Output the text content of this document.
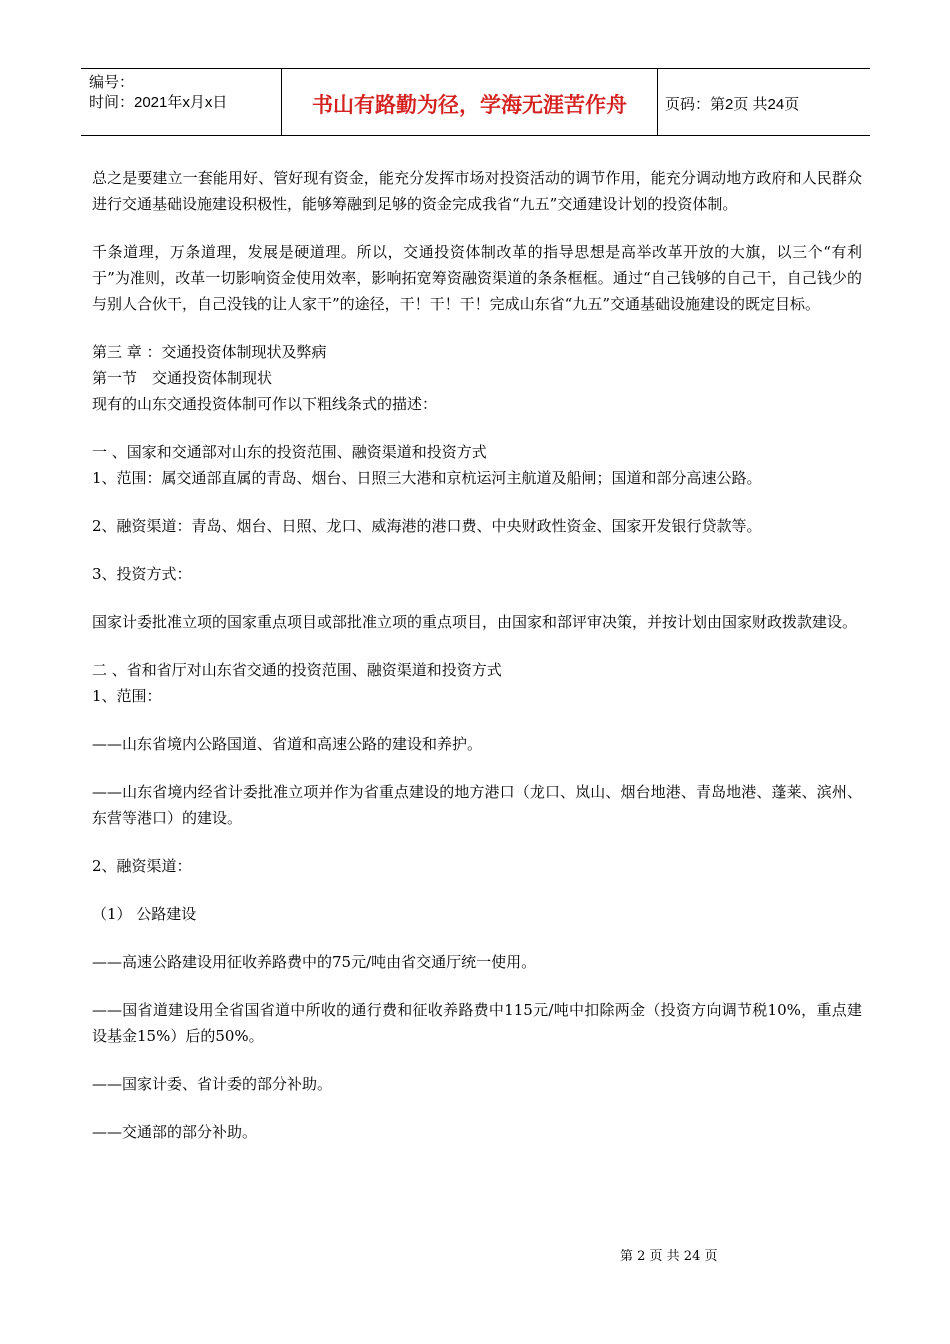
编号：
时间：2021年x月x日	书山有路勤为径，学海无涯苦作舟	页码：第2页 共24页

总之是要建立一套能用好、管好现有资金，能充分发挥市场对投资活动的调节作用，能充分调动地方政府和人民群众进行交通基础设施建设积极性，能够筹融到足够的资金完成我省“九五”交通建设计划的投资体制。

千条道理，万条道理，发展是硬道理。所以，交通投资体制改革的指导思想是高举改革开放的大旗，以三个“有利于”为准则，改革一切影响资金使用效率，影响拓宽筹资融资渠道的条条框框。通过“自己钱够的自己干，自己钱少的与别人合伙干，自己没钱的让人家干”的途径，干！干！干！完成山东省“九五”交通基础设施建设的既定目标。

第三 章 ：交通投资体制现状及弊病

第一节　交通投资体制现状

现有的山东交通投资体制可作以下粗线条式的描述：

一 、国家和交通部对山东的投资范围、融资渠道和投资方式

1、范围：属交通部直属的青岛、烟台、日照三大港和京杭运河主航道及船闸；国道和部分高速公路。

2、融资渠道：青岛、烟台、日照、龙口、威海港的港口费、中央财政性资金、国家开发银行贷款等。

3、投资方式：

国家计委批准立项的国家重点项目或部批准立项的重点项目，由国家和部评审决策，并按计划由国家财政拨款建设。

二 、省和省厅对山东省交通的投资范围、融资渠道和投资方式

1、范围：

——山东省境内公路国道、省道和高速公路的建设和养护。

——山东省境内经省计委批准立项并作为省重点建设的地方港口（龙口、岚山、烟台地港、青岛地港、蓬莱、滨州、东营等港口）的建设。

2、融资渠道：

（1） 公路建设

——高速公路建设用征收养路费中的75元/吨由省交通厅统一使用。

——国省道建设用全省国省道中所收的通行费和征收养路费中115元/吨中扣除两金（投资方向调节税10%，重点建设基金15%）后的50%。

——国家计委、省计委的部分补助。

——交通部的部分补助。

第 2 页 共 24 页
